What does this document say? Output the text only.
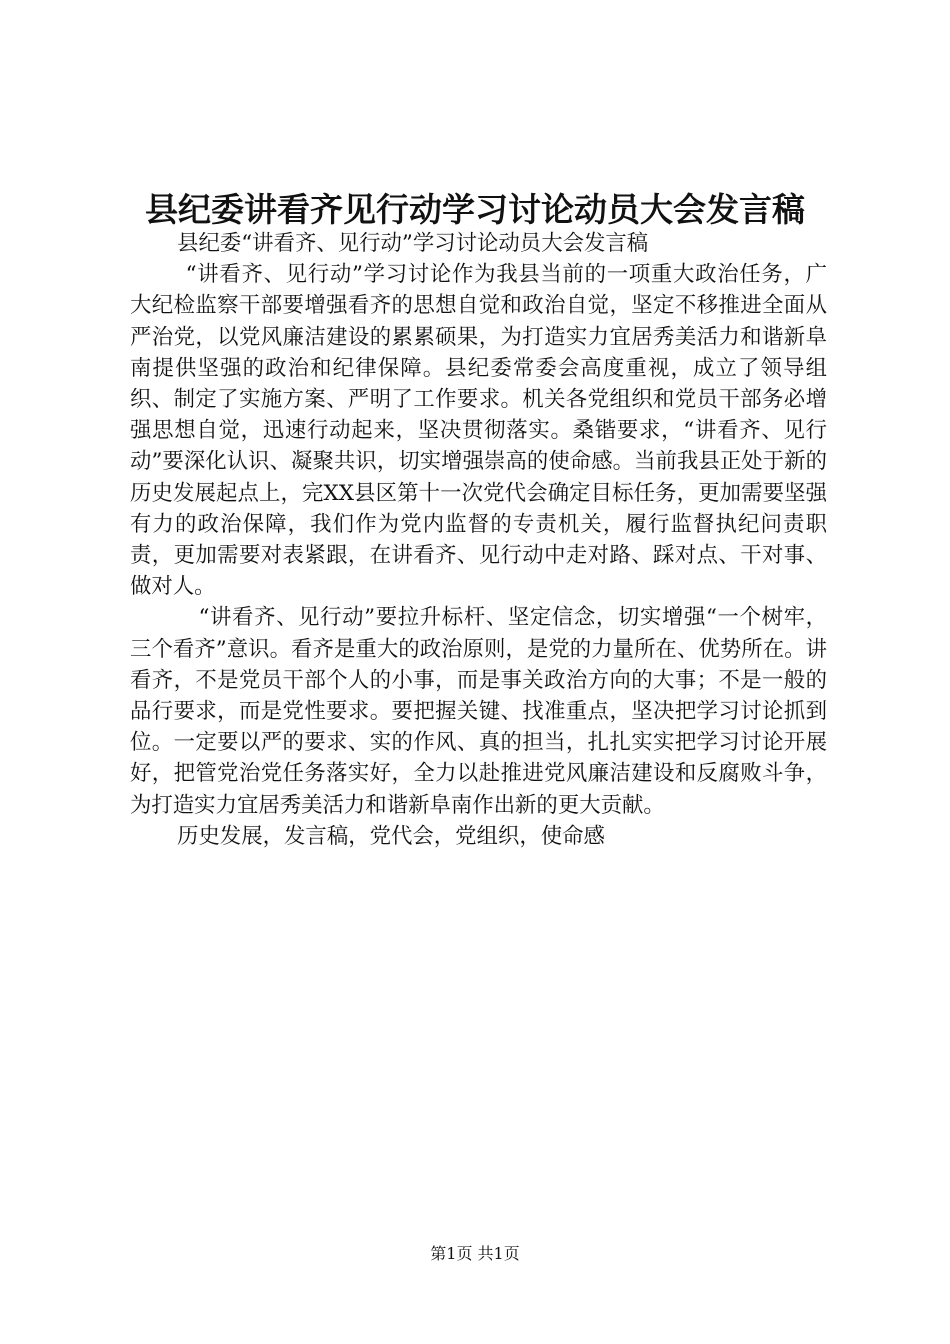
县纪委讲看齐见行动学习讨论动员大会发言稿

县纪委“讲看齐、见行动”学习讨论动员大会发言稿

“讲看齐、见行动”学习讨论作为我县当前的一项重大政治任务，广大纪检监察干部要增强看齐的思想自觉和政治自觉，坚定不移推进全面从严治党，以党风廉洁建设的累累硕果，为打造实力宜居秀美活力和谐新阜南提供坚强的政治和纪律保障。县纪委常委会高度重视，成立了领导组织、制定了实施方案、严明了工作要求。机关各党组织和党员干部务必增强思想自觉，迅速行动起来，坚决贯彻落实。桑锴要求，“讲看齐、见行动”要深化认识、凝聚共识，切实增强崇高的使命感。当前我县正处于新的历史发展起点上，完XX县区第十一次党代会确定目标任务，更加需要坚强有力的政治保障，我们作为党内监督的专责机关，履行监督执纪问责职责，更加需要对表紧跟，在讲看齐、见行动中走对路、踩对点、干对事、做对人。

“讲看齐、见行动”要拉升标杆、坚定信念，切实增强“一个树牢，三个看齐”意识。看齐是重大的政治原则，是党的力量所在、优势所在。讲看齐，不是党员干部个人的小事，而是事关政治方向的大事；不是一般的品行要求，而是党性要求。要把握关键、找准重点，坚决把学习讨论抓到位。一定要以严的要求、实的作风、真的担当，扎扎实实把学习讨论开展好，把管党治党任务落实好，全力以赴推进党风廉洁建设和反腐败斗争，为打造实力宜居秀美活力和谐新阜南作出新的更大贡献。

历史发展，发言稿，党代会，党组织，使命感

第1页 共1页
